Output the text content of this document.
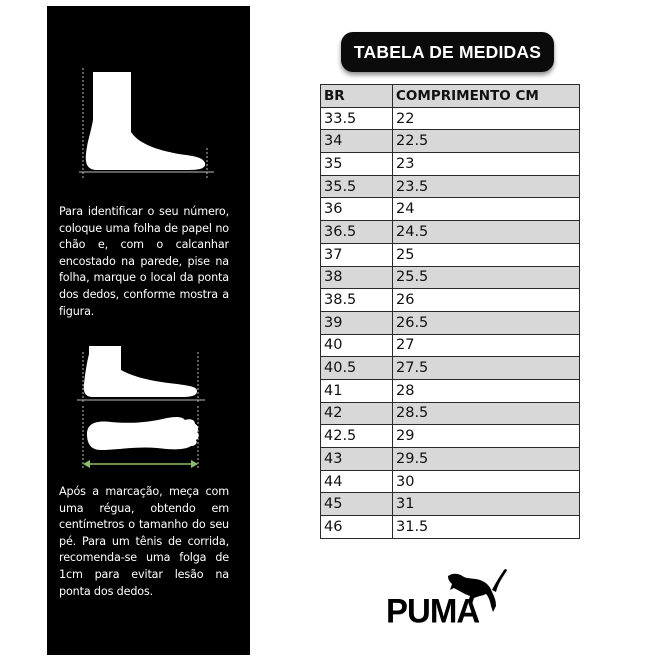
Para identificar o seu número, coloque uma folha de papel no chão e, com o calcanhar encostado na parede, pise na folha, marque o local da ponta dos dedos, conforme mostra a figura.
Após a marcação, meça com uma régua, obtendo em centímetros o tamanho do seu pé. Para um tênis de corrida, recomenda-se uma folga de 1cm para evitar lesão na ponta dos dedos.
TABELA DE MEDIDAS
BR	COMPRIMENTO CM
33.5	22
34	22.5
35	23
35.5	23.5
36	24
36.5	24.5
37	25
38	25.5
38.5	26
39	26.5
40	27
40.5	27.5
41	28
42	28.5
42.5	29
43	29.5
44	30
45	31
46	31.5
PUMA
